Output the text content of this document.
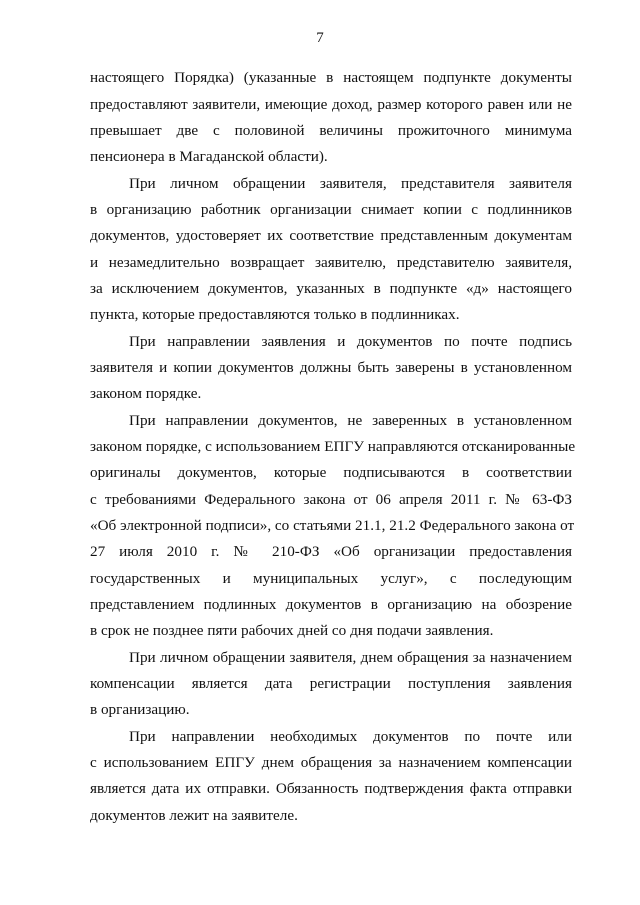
7
настоящего Порядка) (указанные в настоящем подпункте документы
предоставляют заявители, имеющие доход, размер которого равен или не
превышает две с половиной величины прожиточного минимума
пенсионера в Магаданской области).
При личном обращении заявителя, представителя заявителя
в организацию работник организации снимает копии с подлинников
документов, удостоверяет их соответствие представленным документам
и незамедлительно возвращает заявителю, представителю заявителя,
за исключением документов, указанных в подпункте «д» настоящего
пункта, которые предоставляются только в подлинниках.
При направлении заявления и документов по почте подпись
заявителя и копии документов должны быть заверены в установленном
законом порядке.
При направлении документов, не заверенных в установленном
законом порядке, с использованием ЕПГУ направляются отсканированные
оригиналы документов, которые подписываются в соответствии
с требованиями Федерального закона от 06 апреля 2011 г. № 63-ФЗ
«Об электронной подписи», со статьями 21.1, 21.2 Федерального закона от
27 июля 2010 г. № 210-ФЗ «Об организации предоставления
государственных и муниципальных услуг», с последующим
представлением подлинных документов в организацию на обозрение
в срок не позднее пяти рабочих дней со дня подачи заявления.
При личном обращении заявителя, днем обращения за назначением
компенсации является дата регистрации поступления заявления
в организацию.
При направлении необходимых документов по почте или
с использованием ЕПГУ днем обращения за назначением компенсации
является дата их отправки. Обязанность подтверждения факта отправки
документов лежит на заявителе.
